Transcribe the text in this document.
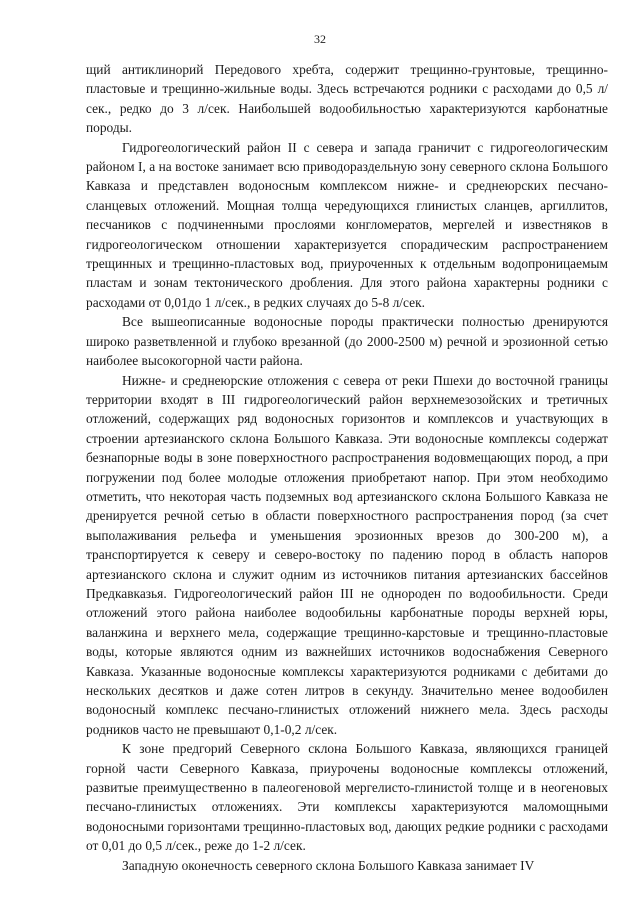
32

щий антиклинорий Передового хребта, содержит трещинно-грунтовые, трещинно-пластовые и трещинно-жильные воды. Здесь встречаются родники с расходами до 0,5 л/сек., редко до 3 л/сек. Наибольшей водообильностью характеризуются карбонатные породы.

Гидрогеологический район II с севера и запада граничит с гидрогеологическим районом I, а на востоке занимает всю приводораздельную зону северного склона Большого Кавказа и представлен водоносным комплексом нижне- и среднеюрских песчано-сланцевых отложений. Мощная толща чередующихся глинистых сланцев, аргиллитов, песчаников с подчиненными прослоями конгломератов, мергелей и известняков в гидрогеологическом отношении характеризуется спорадическим распространением трещинных и трещинно-пластовых вод, приуроченных к отдельным водопроницаемым пластам и зонам тектонического дробления. Для этого района характерны родники с расходами от 0,01до 1 л/сек., в редких случаях до 5-8 л/сек.

Все вышеописанные водоносные породы практически полностью дренируются широко разветвленной и глубоко врезанной (до 2000-2500 м) речной и эрозионной сетью наиболее высокогорной части района.

Нижне- и среднеюрские отложения с севера от реки Пшехи до восточной границы территории входят в III гидрогеологический район верхнемезозойских и третичных отложений, содержащих ряд водоносных горизонтов и комплексов и участвующих в строении артезианского склона Большого Кавказа. Эти водоносные комплексы содержат безнапорные воды в зоне поверхностного распространения водовмещающих пород, а при погружении под более молодые отложения приобретают напор. При этом необходимо отметить, что некоторая часть подземных вод артезианского склона Большого Кавказа не дренируется речной сетью в области поверхностного распространения пород (за счет выполаживания рельефа и уменьшения эрозионных врезов до 300-200 м), а транспортируется к северу и северо-востоку по падению пород в область напоров артезианского склона и служит одним из источников питания артезианских бассейнов Предкавказья. Гидрогеологический район III не однороден по водообильности. Среди отложений этого района наиболее водообильны карбонатные породы верхней юры, валанжина и верхнего мела, содержащие трещинно-карстовые и трещинно-пластовые воды, которые являются одним из важнейших источников водоснабжения Северного Кавказа. Указанные водоносные комплексы характеризуются родниками с дебитами до нескольких десятков и даже сотен литров в секунду. Значительно менее водообилен водоносный комплекс песчано-глинистых отложений нижнего мела. Здесь расходы родников часто не превышают 0,1-0,2 л/сек.

К зоне предгорий Северного склона Большого Кавказа, являющихся границей горной части Северного Кавказа, приурочены водоносные комплексы отложений, развитые преимущественно в палеогеновой мергелисто-глинистой толще и в неогеновых песчано-глинистых отложениях. Эти комплексы характеризуются маломощными водоносными горизонтами трещинно-пластовых вод, дающих редкие родники с расходами от 0,01 до 0,5 л/сек., реже до 1-2 л/сек.

Западную оконечность северного склона Большого Кавказа занимает IV
